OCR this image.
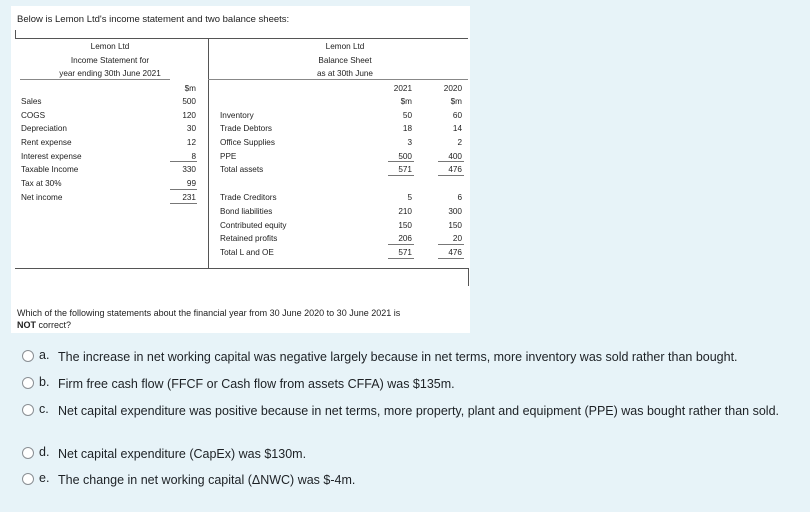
Below is Lemon Ltd's income statement and two balance sheets:
Lemon Ltd
Income Statement for
year ending 30th June 2021
$m
Sales	500
COGS	120
Depreciation	30
Rent expense	12
Interest expense	8
Taxable Income	330
Tax at 30%	99
Net income	231
Lemon Ltd
Balance Sheet
as at 30th June
2021	2020
$m	$m
Inventory	50	60
Trade Debtors	18	14
Office Supplies	3	2
PPE	500	400
Total assets	571	476
Trade Creditors	5	6
Bond liabilities	210	300
Contributed equity	150	150
Retained profits	206	20
Total L and OE	571	476
Which of the following statements about the financial year from 30 June 2020 to 30 June 2021 is
NOT correct?
a. The increase in net working capital was negative largely because in net terms, more inventory was sold rather than bought.
b. Firm free cash flow (FFCF or Cash flow from assets CFFA) was $135m.
c. Net capital expenditure was positive because in net terms, more property, plant and equipment (PPE) was bought rather than sold.
d. Net capital expenditure (CapEx) was $130m.
e. The change in net working capital (ΔNWC) was $-4m.
